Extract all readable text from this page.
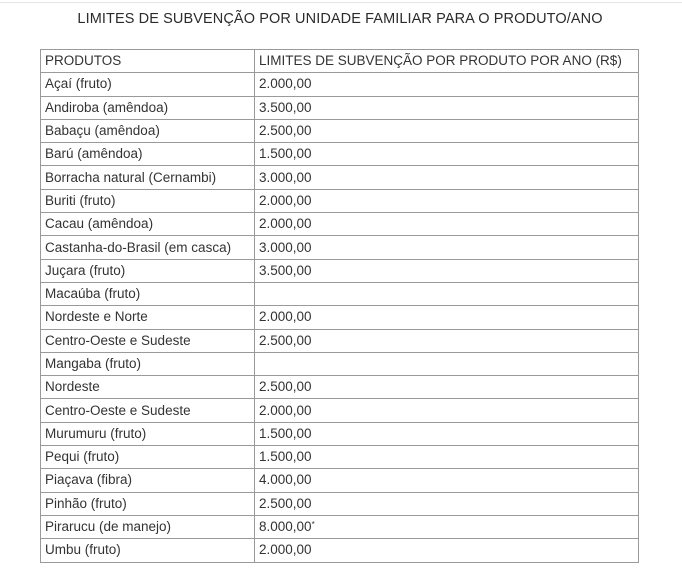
LIMITES DE SUBVENÇÃO POR UNIDADE FAMILIAR PARA O PRODUTO/ANO
PRODUTOS	LIMITES DE SUBVENÇÃO POR PRODUTO POR ANO (R$)
Açaí (fruto)	2.000,00
Andiroba (amêndoa)	3.500,00
Babaçu (amêndoa)	2.500,00
Barú (amêndoa)	1.500,00
Borracha natural (Cernambi)	3.000,00
Buriti (fruto)	2.000,00
Cacau (amêndoa)	2.000,00
Castanha-do-Brasil (em casca)	3.000,00
Juçara (fruto)	3.500,00
Macaúba (fruto)	
Nordeste e Norte	2.000,00
Centro-Oeste e Sudeste	2.500,00
Mangaba (fruto)	
Nordeste	2.500,00
Centro-Oeste e Sudeste	2.000,00
Murumuru (fruto)	1.500,00
Pequi (fruto)	1.500,00
Piaçava (fibra)	4.000,00
Pinhão (fruto)	2.500,00
Pirarucu (de manejo)	8.000,00*
Umbu (fruto)	2.000,00
